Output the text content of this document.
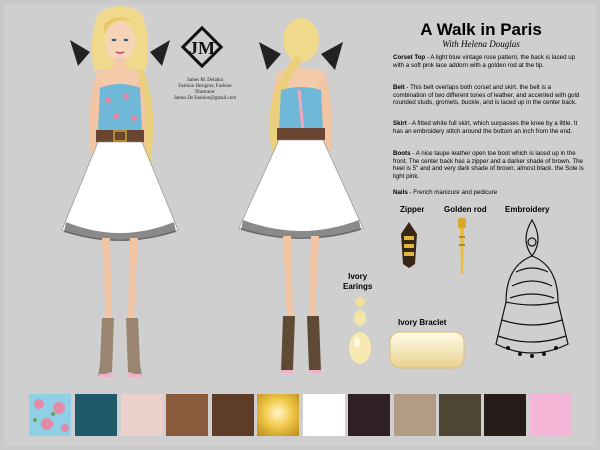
JM
James M. Delahni
Fashion Designer, Fashion Illustrator
James.De.Fashion@gmail.com
A Walk in Paris
With Helena Douglas
Corset Top - A light blue vintage rose pattern, the back is laced up with a soft pink lace addorn with a golden rod at the tip.
Belt - This belt overlaps both corset and skirt. the belt is a combination of two different tones of leather, and accented with gold rounded studs, gromets, buckle, and is laced up in the center back.
Skirt - A fitted white full skirt, which surpasses the knee by a little. It has an embroidery stitch around the bottom an inch from the end.
Boots - A nice taupe leather open toe boot which is laced up in the front. The center back has a zipper and a darker shade of brown. The heel is 5" and and very dark shade of brown, almost black. the Sole is light pink.
Nails - French manicure and pedicure
Zipper Golden rod Embroidery
Ivory
Earings
Ivory Braclet
